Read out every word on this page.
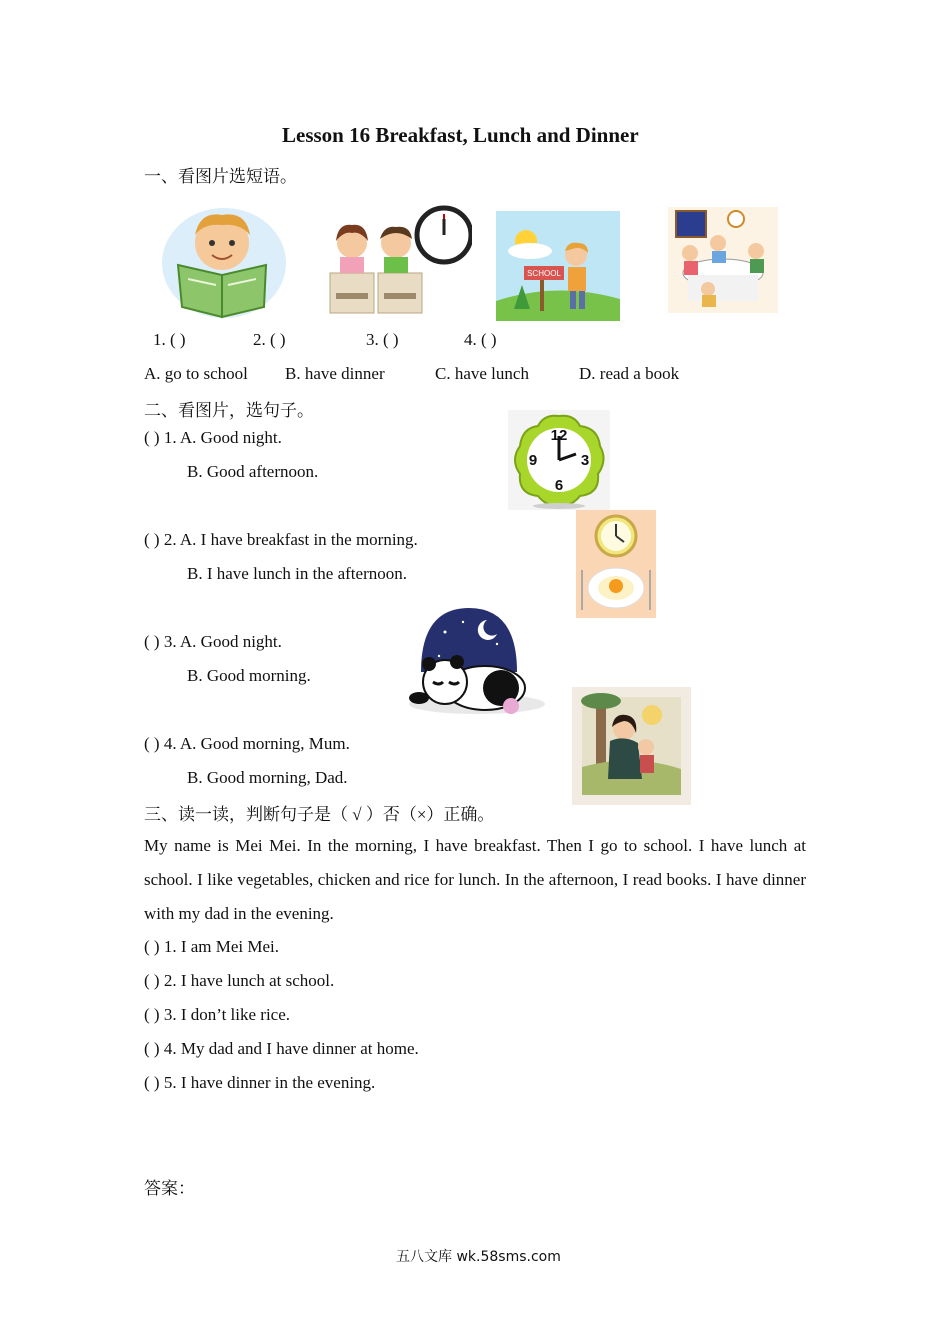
Lesson 16 Breakfast, Lunch and Dinner
一、看图片选短语。
SCHOOL
1. ( )	2. ( )	3. ( )	4. ( )
A. go to school B. have dinner	C. have lunch	D. read a book
二、看图片，选句子。
( ) 1. A. Good night.
B. Good afternoon.
12
3
6
9
( ) 2. A. I have breakfast in the morning.
B. I have lunch in the afternoon.
( ) 3. A. Good night.
B. Good morning.
( ) 4. A. Good morning, Mum.
B. Good morning, Dad.
三、读一读，判断句子是（ √ ）否（×）正确。
My name is Mei Mei. In the morning, I have breakfast. Then I go to school. I have lunch at school. I like vegetables, chicken and rice for lunch. In the afternoon, I read books. I have dinner with my dad in the evening.
( ) 1. I am Mei Mei.
( ) 2. I have lunch at school.
( ) 3. I don’t like rice.
( ) 4. My dad and I have dinner at home.
( ) 5. I have dinner in the evening.
答案：
五八文库 wk.58sms.com
